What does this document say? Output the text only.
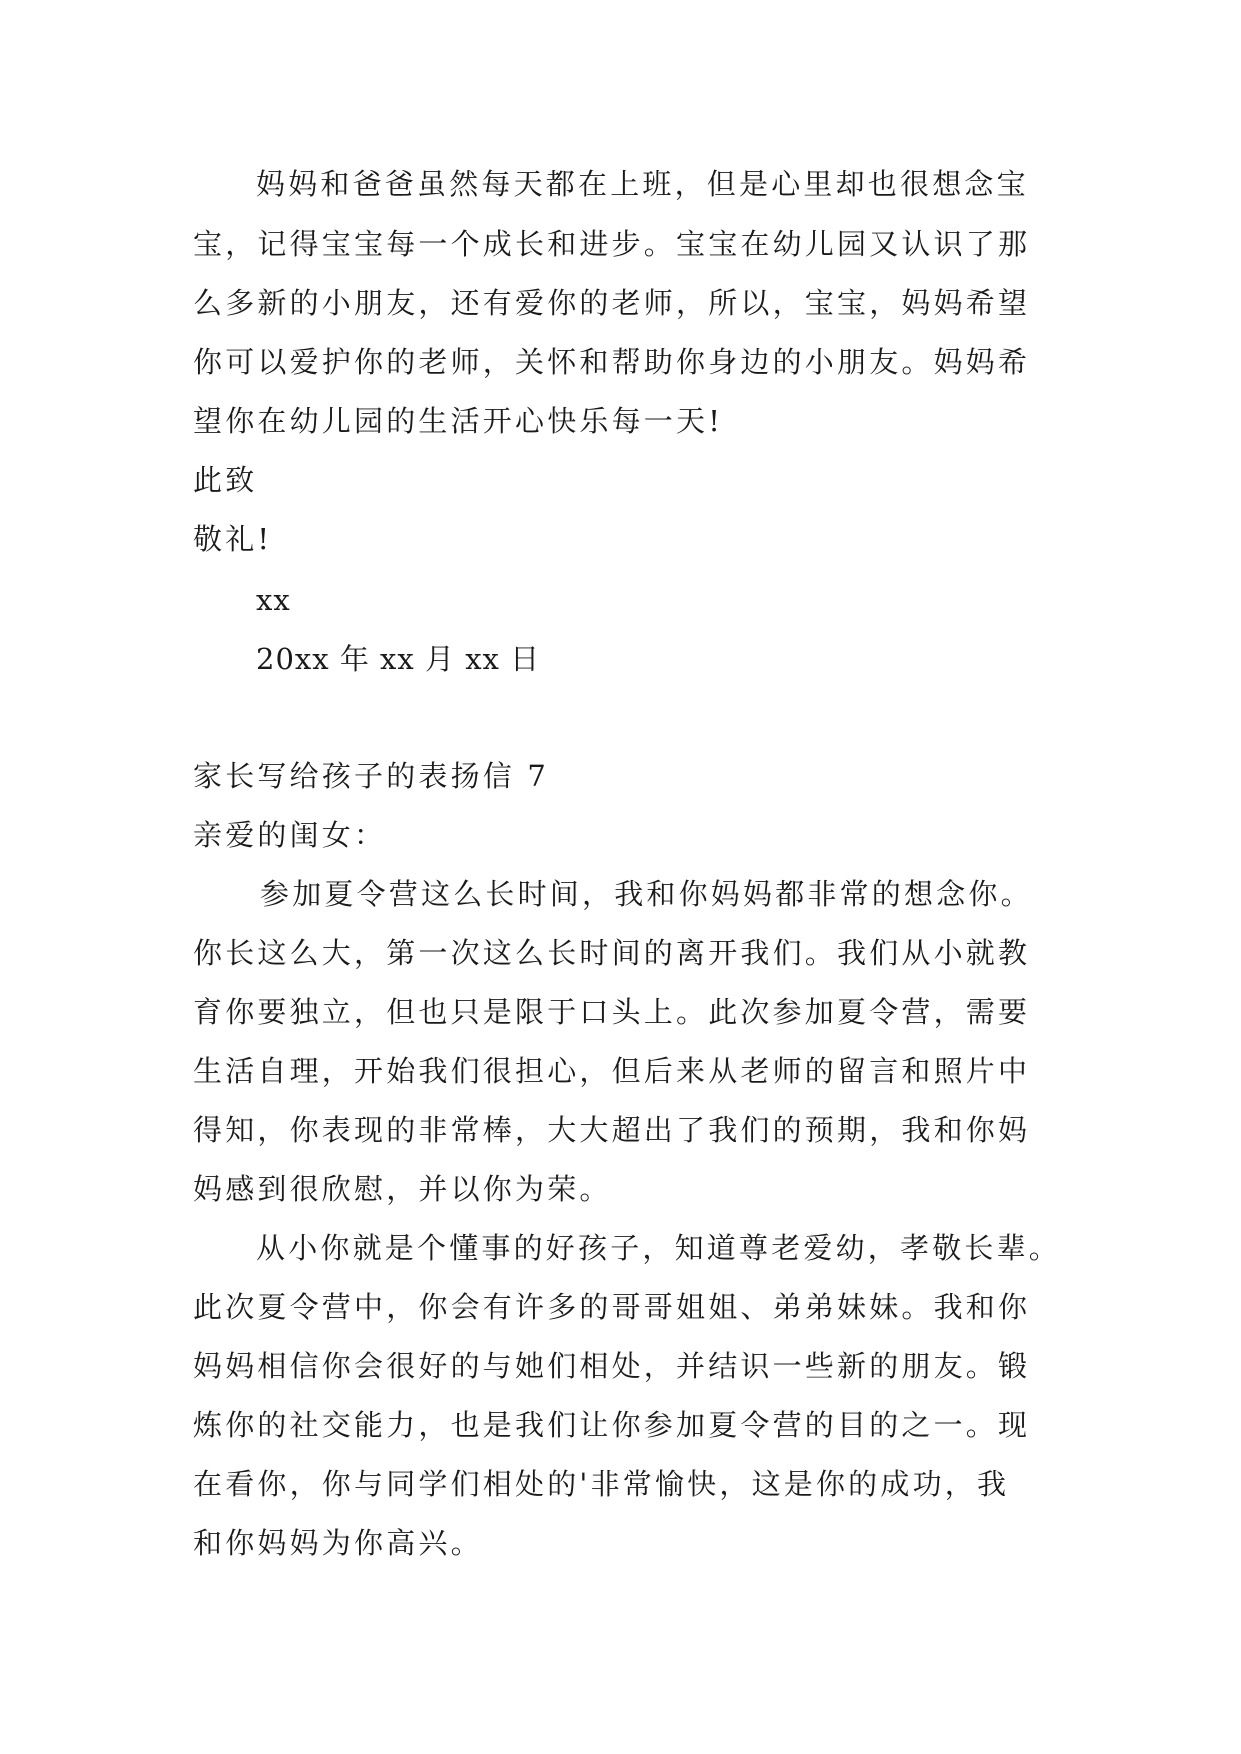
妈妈和爸爸虽然每天都在上班，但是心里却也很想念宝
宝，记得宝宝每一个成长和进步。宝宝在幼儿园又认识了那
么多新的小朋友，还有爱你的老师，所以，宝宝，妈妈希望
你可以爱护你的老师，关怀和帮助你身边的小朋友。妈妈希
望你在幼儿园的生活开心快乐每一天!
此致
敬礼!
xx
20xx 年 xx 月 xx 日
家长写给孩子的表扬信 7
亲爱的闺女：
参加夏令营这么长时间，我和你妈妈都非常的想念你。
你长这么大，第一次这么长时间的离开我们。我们从小就教
育你要独立，但也只是限于口头上。此次参加夏令营，需要
生活自理，开始我们很担心，但后来从老师的留言和照片中
得知，你表现的非常棒，大大超出了我们的预期，我和你妈
妈感到很欣慰，并以你为荣。
从小你就是个懂事的好孩子，知道尊老爱幼，孝敬长辈。
此次夏令营中，你会有许多的哥哥姐姐、弟弟妹妹。我和你
妈妈相信你会很好的与她们相处，并结识一些新的朋友。锻
炼你的社交能力，也是我们让你参加夏令营的目的之一。现
在看你，你与同学们相处的'非常愉快，这是你的成功，我
和你妈妈为你高兴。
